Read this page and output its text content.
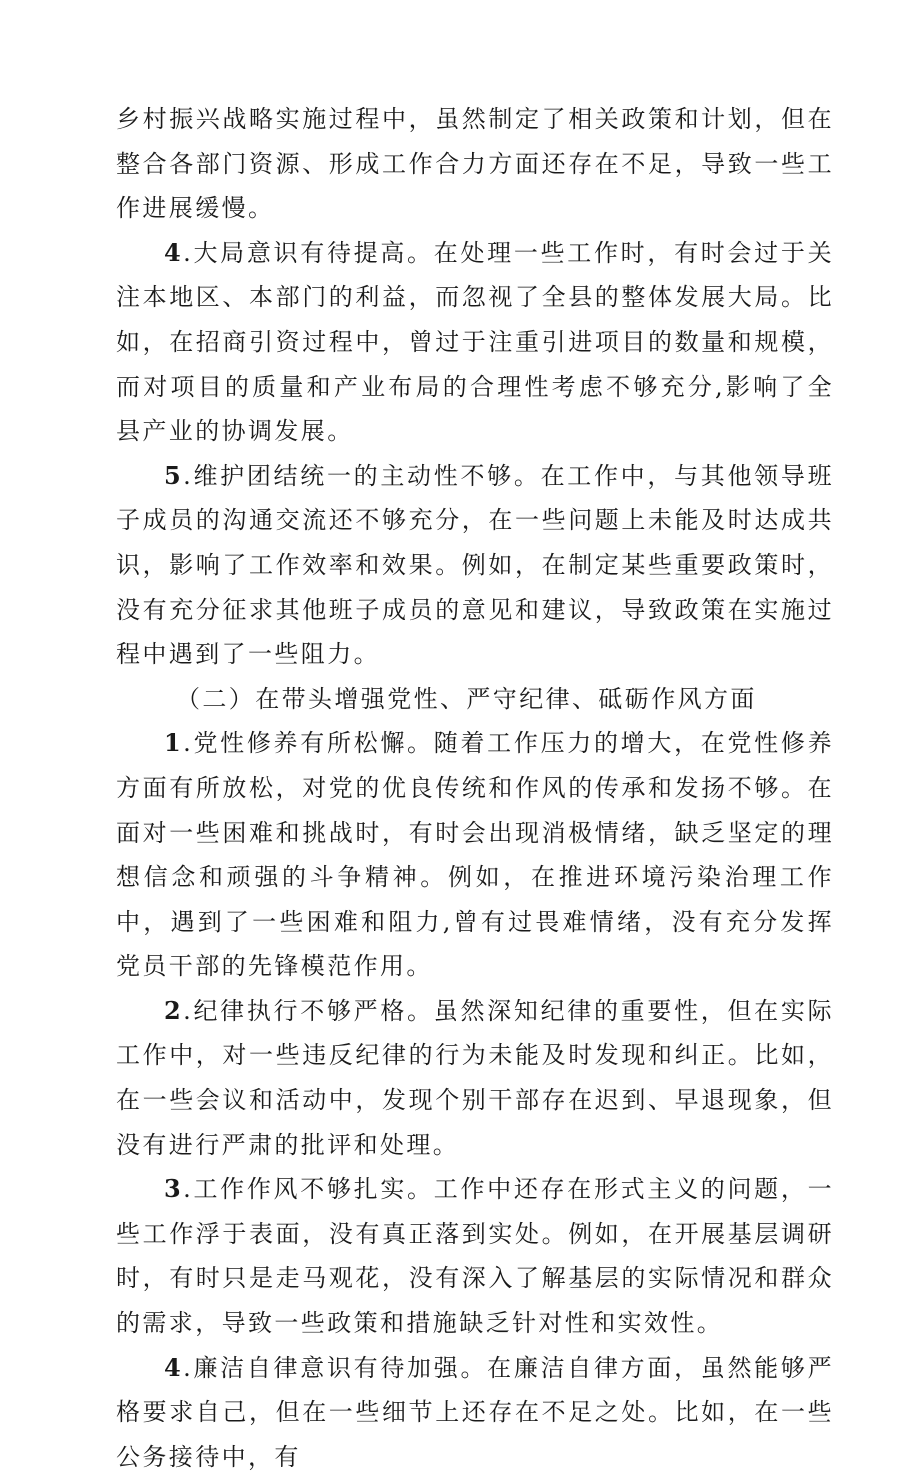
乡村振兴战略实施过程中，虽然制定了相关政策和计划，但在整合各部门资源、形成工作合力方面还存在不足，导致一些工作进展缓慢。

4.大局意识有待提高。在处理一些工作时，有时会过于关注本地区、本部门的利益，而忽视了全县的整体发展大局。比如，在招商引资过程中，曾过于注重引进项目的数量和规模，而对项目的质量和产业布局的合理性考虑不够充分,影响了全县产业的协调发展。

5.维护团结统一的主动性不够。在工作中，与其他领导班子成员的沟通交流还不够充分，在一些问题上未能及时达成共识，影响了工作效率和效果。例如，在制定某些重要政策时，没有充分征求其他班子成员的意见和建议，导致政策在实施过程中遇到了一些阻力。

（二）在带头增强党性、严守纪律、砥砺作风方面

1.党性修养有所松懈。随着工作压力的增大，在党性修养方面有所放松，对党的优良传统和作风的传承和发扬不够。在面对一些困难和挑战时，有时会出现消极情绪，缺乏坚定的理想信念和顽强的斗争精神。例如，在推进环境污染治理工作中，遇到了一些困难和阻力,曾有过畏难情绪，没有充分发挥党员干部的先锋模范作用。

2.纪律执行不够严格。虽然深知纪律的重要性，但在实际工作中，对一些违反纪律的行为未能及时发现和纠正。比如，在一些会议和活动中，发现个别干部存在迟到、早退现象，但没有进行严肃的批评和处理。

3.工作作风不够扎实。工作中还存在形式主义的问题，一些工作浮于表面，没有真正落到实处。例如，在开展基层调研时，有时只是走马观花，没有深入了解基层的实际情况和群众的需求，导致一些政策和措施缺乏针对性和实效性。

4.廉洁自律意识有待加强。在廉洁自律方面，虽然能够严格要求自己，但在一些细节上还存在不足之处。比如，在一些公务接待中，有
